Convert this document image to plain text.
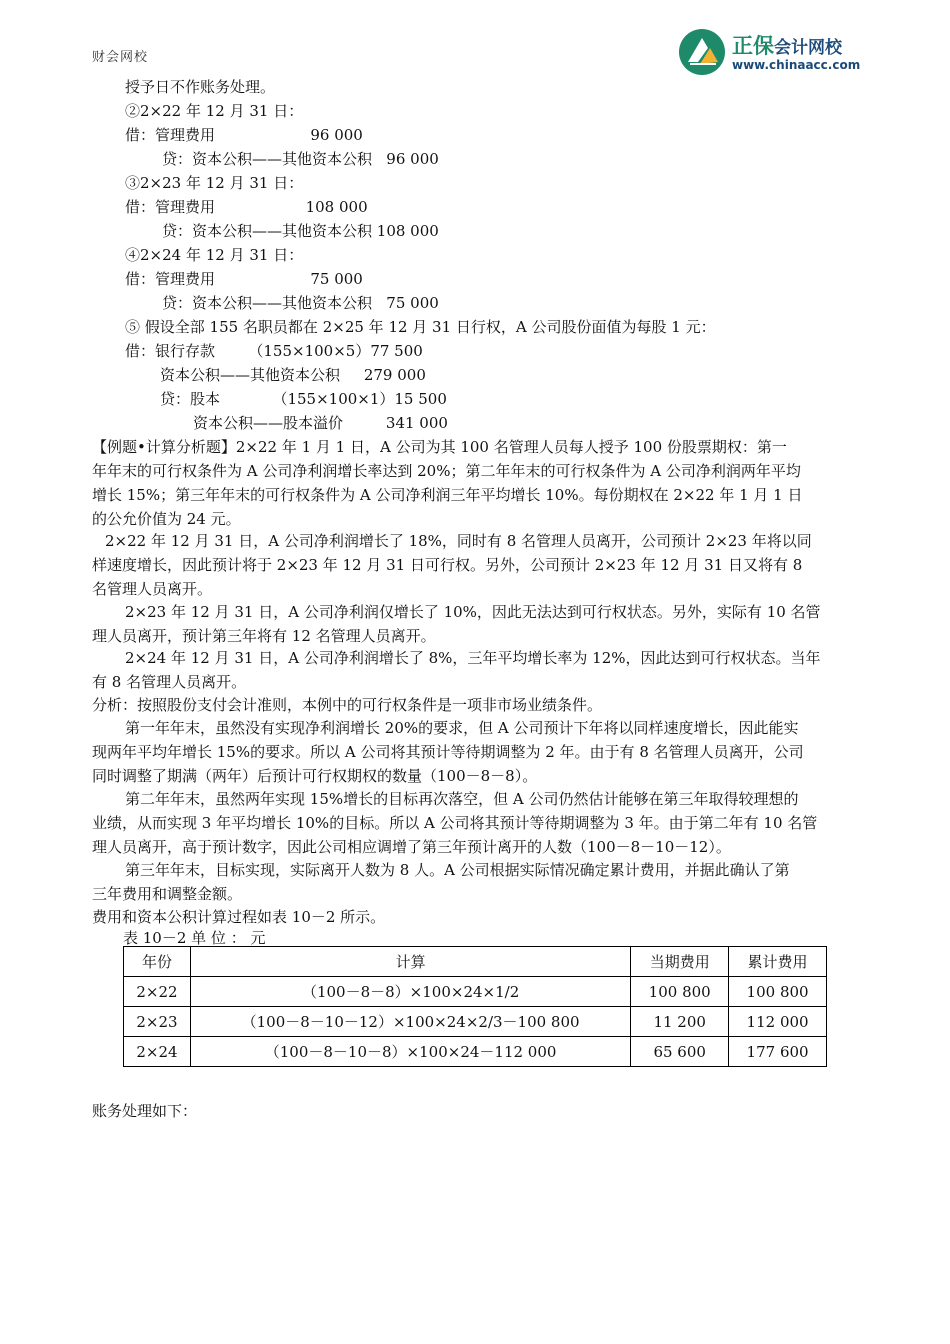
财会网校	正保会计网校
www.chinaacc.com
授予日不作账务处理。
②2×22 年 12 月 31 日：
借：管理费用                    96 000
贷：资本公积——其他资本公积   96 000
③2×23 年 12 月 31 日：
借：管理费用                   108 000
贷：资本公积——其他资本公积 108 000
④2×24 年 12 月 31 日：
借：管理费用                    75 000
贷：资本公积——其他资本公积   75 000
⑤ 假设全部 155 名职员都在 2×25 年 12 月 31 日行权，A 公司股份面值为每股 1 元：
借：银行存款       （155×100×5）77 500
资本公积——其他资本公积     279 000
贷：股本           （155×100×1）15 500
资本公积——股本溢价         341 000
【例题•计算分析题】2×22 年 1 月 1 日，A 公司为其 100 名管理人员每人授予 100 份股票期权：第一
年年末的可行权条件为 A 公司净利润增长率达到 20%；第二年年末的可行权条件为 A 公司净利润两年平均
增长 15%；第三年年末的可行权条件为 A 公司净利润三年平均增长 10%。每份期权在 2×22 年 1 月 1 日
的公允价值为 24 元。
2×22 年 12 月 31 日，A 公司净利润增长了 18%，同时有 8 名管理人员离开，公司预计 2×23 年将以同
样速度增长，因此预计将于 2×23 年 12 月 31 日可行权。另外，公司预计 2×23 年 12 月 31 日又将有 8
名管理人员离开。
2×23 年 12 月 31 日，A 公司净利润仅增长了 10%，因此无法达到可行权状态。另外，实际有 10 名管
理人员离开，预计第三年将有 12 名管理人员离开。
2×24 年 12 月 31 日，A 公司净利润增长了 8%，三年平均增长率为 12%，因此达到可行权状态。当年
有 8 名管理人员离开。
分析：按照股份支付会计准则，本例中的可行权条件是一项非市场业绩条件。
第一年年末，虽然没有实现净利润增长 20%的要求，但 A 公司预计下年将以同样速度增长，因此能实
现两年平均年增长 15%的要求。所以 A 公司将其预计等待期调整为 2 年。由于有 8 名管理人员离开，公司
同时调整了期满（两年）后预计可行权期权的数量（100－8－8）。
第二年年末，虽然两年实现 15%增长的目标再次落空，但 A 公司仍然估计能够在第三年取得较理想的
业绩，从而实现 3 年平均增长 10%的目标。所以 A 公司将其预计等待期调整为 3 年。由于第二年有 10 名管
理人员离开，高于预计数字，因此公司相应调增了第三年预计离开的人数（100－8－10－12）。
第三年年末，目标实现，实际离开人数为 8 人。A 公司根据实际情况确定累计费用，并据此确认了第
三年费用和调整金额。
费用和资本公积计算过程如表 10－2 所示。
表 10－2 单 位 ： 元
年份	计算	当期费用	累计费用
2×22	（100－8－8）×100×24×1/2	100 800	100 800
2×23	（100－8－10－12）×100×24×2/3－100 800	11 200	112 000
2×24	（100－8－10－8）×100×24－112 000	65 600	177 600
账务处理如下：
